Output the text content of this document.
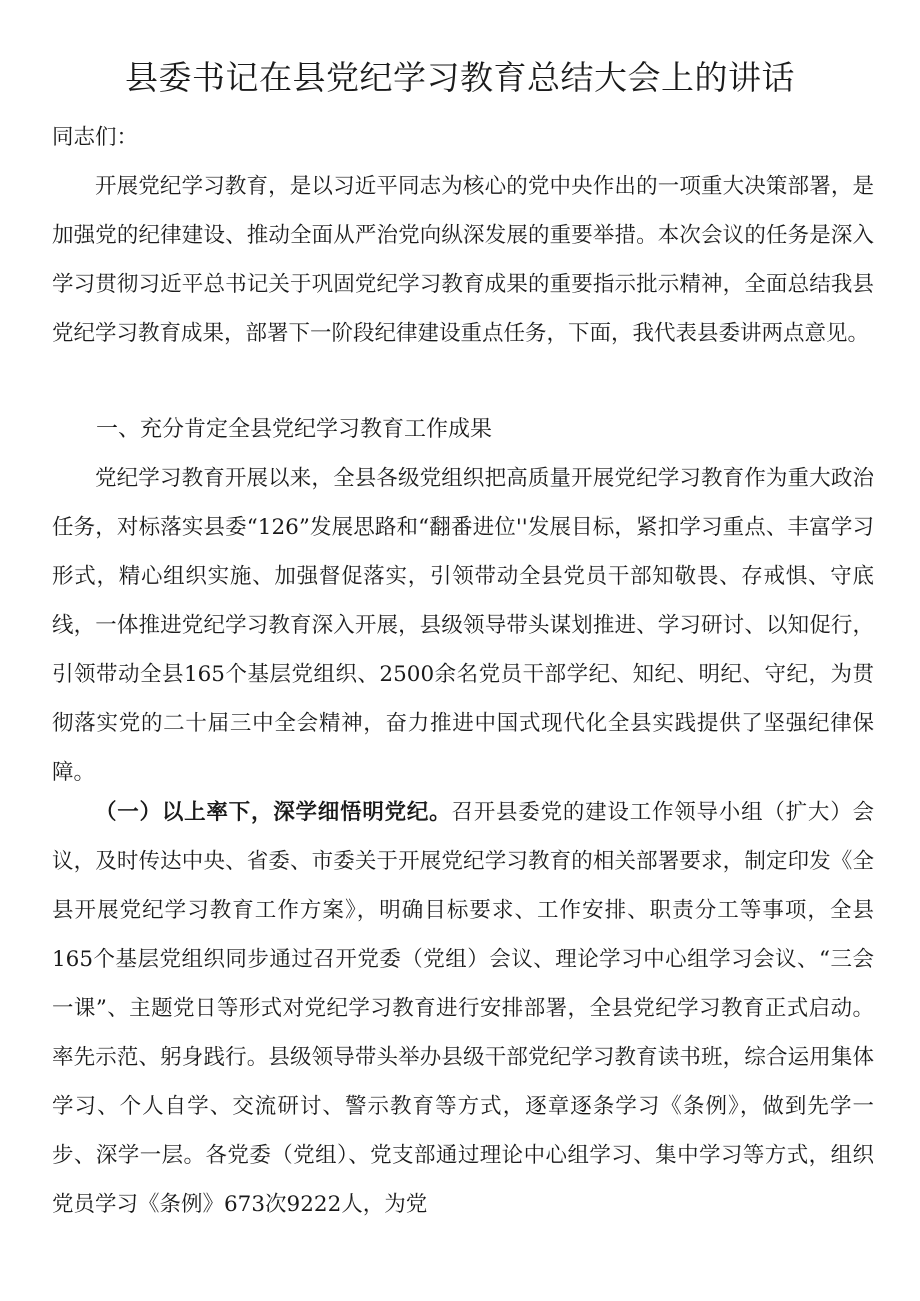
县委书记在县党纪学习教育总结大会上的讲话

同志们：

开展党纪学习教育，是以习近平同志为核心的党中央作出的一项重大决策部署，是加强党的纪律建设、推动全面从严治党向纵深发展的重要举措。本次会议的任务是深入学习贯彻习近平总书记关于巩固党纪学习教育成果的重要指示批示精神，全面总结我县党纪学习教育成果，部署下一阶段纪律建设重点任务，下面，我代表县委讲两点意见。

一、充分肯定全县党纪学习教育工作成果

党纪学习教育开展以来，全县各级党组织把高质量开展党纪学习教育作为重大政治任务，对标落实县委“126”发展思路和“翻番进位''发展目标，紧扣学习重点、丰富学习形式，精心组织实施、加强督促落实，引领带动全县党员干部知敬畏、存戒惧、守底线，一体推进党纪学习教育深入开展，县级领导带头谋划推进、学习研讨、以知促行，引领带动全县165个基层党组织、2500余名党员干部学纪、知纪、明纪、守纪，为贯彻落实党的二十届三中全会精神，奋力推进中国式现代化全县实践提供了坚强纪律保障。

（一）以上率下，深学细悟明党纪。召开县委党的建设工作领导小组（扩大）会议，及时传达中央、省委、市委关于开展党纪学习教育的相关部署要求，制定印发《全县开展党纪学习教育工作方案》，明确目标要求、工作安排、职责分工等事项，全县165个基层党组织同步通过召开党委（党组）会议、理论学习中心组学习会议、“三会一课”、主题党日等形式对党纪学习教育进行安排部署，全县党纪学习教育正式启动。率先示范、躬身践行。县级领导带头举办县级干部党纪学习教育读书班，综合运用集体学习、个人自学、交流研讨、警示教育等方式，逐章逐条学习《条例》，做到先学一步、深学一层。各党委（党组）、党支部通过理论中心组学习、集中学习等方式，组织党员学习《条例》673次9222人，为党
